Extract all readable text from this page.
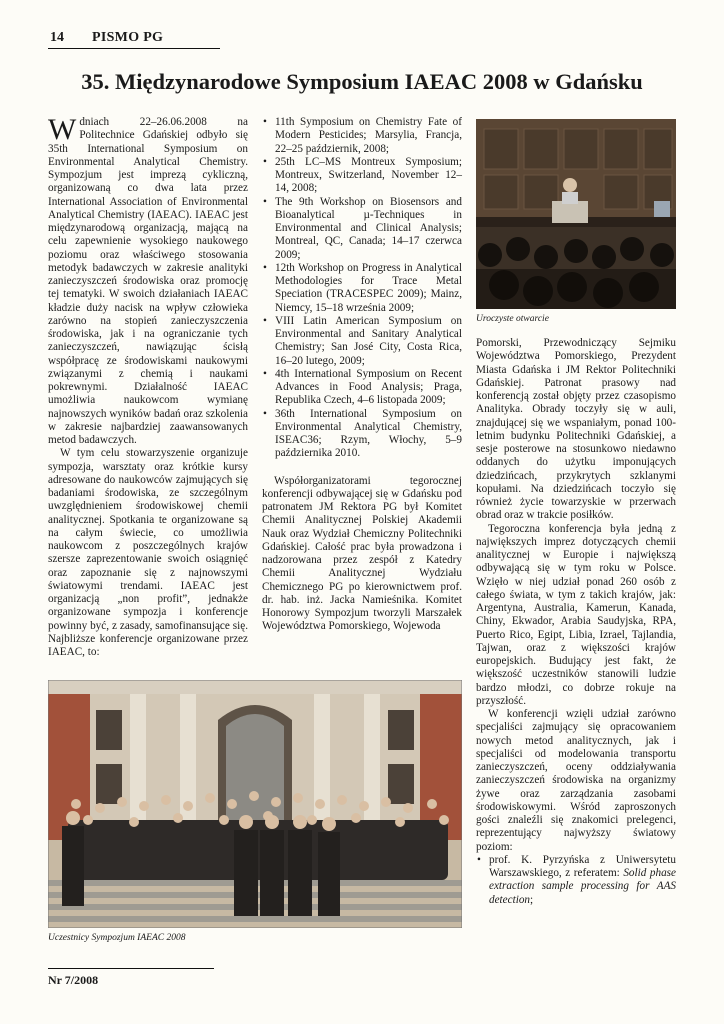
14 PISMO PG
35. Międzynarodowe Symposium IAEAC 2008 w Gdańsku

Wdniach 22–26.06.2008 na Politechnice Gdańskiej odbyło się 35th International Symposium on Environmental Analytical Chemistry. Sympozjum jest imprezą cykliczną, organizowaną co dwa lata przez International Association of Environmental Analytical Chemistry (IAEAC). IAEAC jest międzynarodową organizacją, mającą na celu zapewnienie wysokiego naukowego poziomu oraz właściwego stosowania metodyk badawczych w zakresie analityki zanieczyszczeń środowiska oraz promocję tej tematyki. W swoich działaniach IAEAC kładzie duży nacisk na wpływ człowieka zarówno na stopień zanieczyszczenia środowiska, jak i na ograniczanie tych zanieczyszczeń, nawiązując ścisłą współpracę ze środowiskami naukowymi związanymi z chemią i naukami pokrewnymi. Działalność IAEAC umożliwia naukowcom wymianę najnowszych wyników badań oraz szkolenia w zakresie najbardziej zaawansowanych metod badawczych.

W tym celu stowarzyszenie organizuje sympozja, warsztaty oraz krótkie kursy adresowane do naukowców zajmujących się badaniami środowiska, ze szczególnym uwzględnieniem środowiskowej chemii analitycznej. Spotkania te organizowane są na całym świecie, co umożliwia naukowcom z poszczególnych krajów szersze zaprezentowanie swoich osiągnięć oraz zapoznanie się z najnowszymi światowymi trendami. IAEAC jest organizacją „non profit”, jednakże organizowane sympozja i konferencje powinny być, z zasady, samofinansujące się. Najbliższe konferencje organizowane przez IAEAC, to:

• 11th Symposium on Chemistry Fate of Modern Pesticides; Marsylia, Francja, 22–25 październik, 2008;
• 25th LC–MS Montreux Symposium; Montreux, Switzerland, November 12–14, 2008;
• The 9th Workshop on Biosensors and Bioanalytical µ-Techniques in Environmental and Clinical Analysis; Montreal, QC, Canada; 14–17 czerwca 2009;
• 12th Workshop on Progress in Analytical Methodologies for Trace Metal Speciation (TRACESPEC 2009); Mainz, Niemcy, 15–18 września 2009;
• VIII Latin American Symposium on Environmental and Sanitary Analytical Chemistry; San José City, Costa Rica, 16–20 lutego, 2009;
• 4th International Symposium on Recent Advances in Food Analysis; Praga, Republika Czech, 4–6 listopada 2009;
• 36th International Symposium on Environmental Analytical Chemistry, ISEAC36; Rzym, Włochy, 5–9 października 2010.

Współorganizatorami tegorocznej konferencji odbywającej się w Gdańsku pod patronatem JM Rektora PG był Komitet Chemii Analitycznej Polskiej Akademii Nauk oraz Wydział Chemiczny Politechniki Gdańskiej. Całość prac była prowadzona i nadzorowana przez zespół z Katedry Chemii Analitycznej Wydziału Chemicznego PG po kierownictwem prof. dr. hab. inż. Jacka Namieśnika. Komitet Honorowy Sympozjum tworzyli Marszałek Województwa Pomorskiego, Wojewoda

Uroczyste otwarcie

Pomorski, Przewodniczący Sejmiku Województwa Pomorskiego, Prezydent Miasta Gdańska i JM Rektor Politechniki Gdańskiej. Patronat prasowy nad konferencją został objęty przez czasopismo Analityka. Obrady toczyły się w auli, znajdującej się we wspaniałym, ponad 100-letnim budynku Politechniki Gdańskiej, a sesje posterowe na stosunkowo niedawno oddanych do użytku imponujących dziedzińcach, przykrytych szklanymi kopułami. Na dziedzińcach toczyło się również życie towarzyskie w przerwach obrad oraz w trakcie posiłków.

Tegoroczna konferencja była jedną z największych imprez dotyczących chemii analitycznej w Europie i największą odbywającą się w tym roku w Polsce. Wzięło w niej udział ponad 260 osób z całego świata, w tym z takich krajów, jak: Argentyna, Australia, Kamerun, Kanada, Chiny, Ekwador, Arabia Saudyjska, RPA, Puerto Rico, Egipt, Libia, Izrael, Tajlandia, Tajwan, oraz z większości krajów europejskich. Budujący jest fakt, że większość uczestników stanowili ludzie bardzo młodzi, co dobrze rokuje na przyszłość.

W konferencji wzięli udział zarówno specjaliści zajmujący się opracowaniem nowych metod analitycznych, jak i specjaliści od modelowania transportu zanieczyszczeń, oceny oddziaływania zanieczyszczeń środowiska na organizmy żywe oraz zarządzania zasobami środowiskowymi. Wśród zaproszonych gości znaleźli się znakomici prelegenci, reprezentujący najwyższy światowy poziom:

• prof. K. Pyrzyńska z Uniwersytetu Warszawskiego, z referatem: Solid phase extraction sample processing for AAS detection;
Uczestnicy Sympozjum IAEAC 2008
Nr 7/2008
